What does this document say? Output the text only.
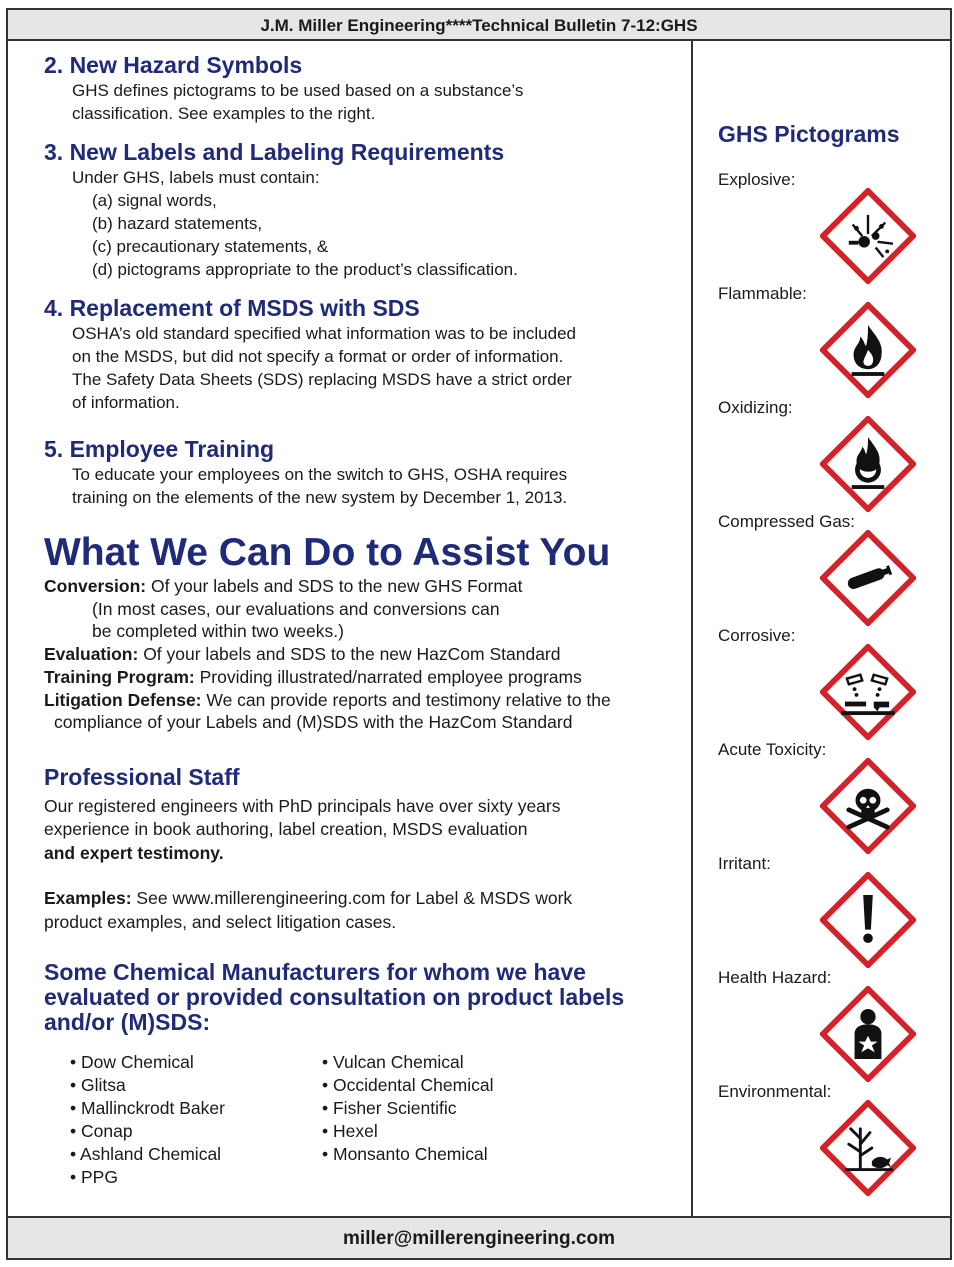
J.M. Miller Engineering****Technical Bulletin 7-12:GHS
2. New Hazard Symbols
GHS defines pictograms to be used based on a substance’s
classification. See examples to the right.
3. New Labels and Labeling Requirements
Under GHS, labels must contain:
(a) signal words,
(b) hazard statements,
(c) precautionary statements, &
(d) pictograms appropriate to the product’s classification.
4. Replacement of MSDS with SDS
OSHA’s old standard specified what information was to be included
on the MSDS, but did not specify a format or order of information.
The Safety Data Sheets (SDS) replacing MSDS have a strict order
of information.
5. Employee Training
To educate your employees on the switch to GHS, OSHA requires
training on the elements of the new system by December 1, 2013.
What We Can Do to Assist You

Conversion: Of your labels and SDS to the new GHS Format

(In most cases, our evaluations and conversions can

be completed within two weeks.)

Evaluation: Of your labels and SDS to the new HazCom Standard

Training Program: Providing illustrated/narrated employee programs

Litigation Defense: We can provide reports and testimony relative to the

compliance of your Labels and (M)SDS with the HazCom Standard

Professional Staff
Our registered engineers with PhD principals have over sixty years
experience in book authoring, label creation, MSDS evaluation
and expert testimony.
Examples: See www.millerengineering.com for Label & MSDS work
product examples, and select litigation cases.
Some Chemical Manufacturers for whom we have
evaluated or provided consultation on product labels
and/or (M)SDS:
• Dow Chemical
• Glitsa
• Mallinckrodt Baker
• Conap
• Ashland Chemical
• PPG
• Vulcan Chemical
• Occidental Chemical
• Fisher Scientific
• Hexel
• Monsanto Chemical
GHS Pictograms
Explosive:
Flammable:
Oxidizing:
Compressed Gas:
Corrosive:
Acute Toxicity:
Irritant:
Health Hazard:
Environmental:
miller@millerengineering.com
